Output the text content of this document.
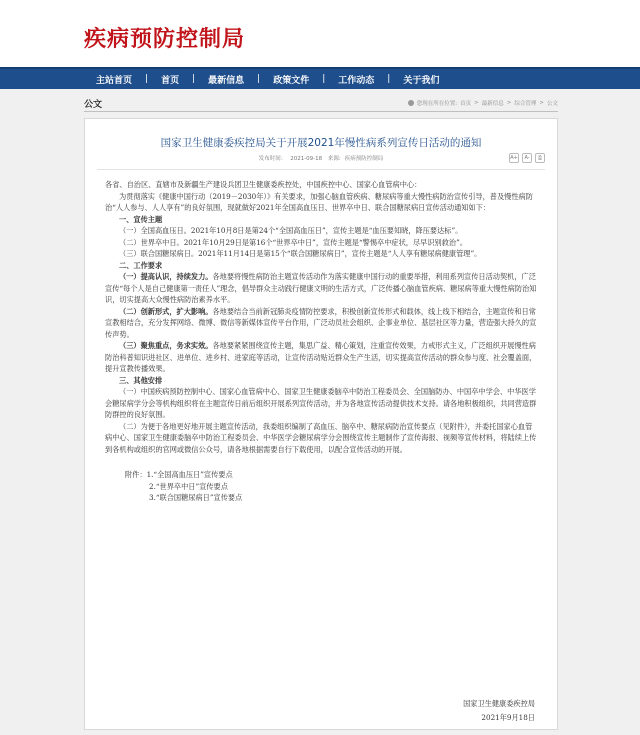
疾病预防控制局
主站首页 | 首页 | 最新信息 | 政策文件 | 工作动态 | 关于我们
公文	您现在所在位置: 首页 > 最新信息 > 综合管理 > 公文
国家卫生健康委疾控局关于开展2021年慢性病系列宣传日活动的通知
发布时间： 2021-09-18 来源: 疾病预防控制局	A+	A-	⎙

各省、自治区、直辖市及新疆生产建设兵团卫生健康委疾控处，中国疾控中心、国家心血管病中心：

为贯彻落实《健康中国行动（2019－2030年）》有关要求，加强心脑血管疾病、糖尿病等重大慢性病防治宣传引导，普及慢性病防治“人人参与、人人享有”的良好氛围，现就做好2021年全国高血压日、世界卒中日、联合国糖尿病日宣传活动通知如下：

一、宣传主题

（一）全国高血压日。2021年10月8日是第24个“全国高血压日”，宣传主题是“血压要知晓，降压要达标”。

（二）世界卒中日。2021年10月29日是第16个“世界卒中日”，宣传主题是“警惕卒中症状，尽早识别救治”。

（三）联合国糖尿病日。2021年11月14日是第15个“联合国糖尿病日”，宣传主题是“人人享有糖尿病健康管理”。

二、工作要求

（一）提高认识，持续发力。各地要将慢性病防治主题宣传活动作为落实健康中国行动的重要举措，利用系列宣传日活动契机，广泛宣传“每个人是自己健康第一责任人”理念，倡导群众主动践行健康文明的生活方式，广泛传播心脑血管疾病、糖尿病等重大慢性病防治知识，切实提高大众慢性病防治素养水平。

（二）创新形式，扩大影响。各地要结合当前新冠肺炎疫情防控要求，积极创新宣传形式和载体，线上线下相结合，主题宣传和日常宣教相结合，充分发挥网络、微博、微信等新媒体宣传平台作用，广泛动员社会组织、企事业单位、基层社区等力量，营造强大持久的宣传声势。

（三）聚焦重点，务求实效。各地要紧紧围绕宣传主题，集思广益、精心策划，注重宣传效果，力戒形式主义，广泛组织开展慢性病防治科普知识进社区、进单位、进乡村、进家庭等活动，让宣传活动贴近群众生产生活，切实提高宣传活动的群众参与度、社会覆盖面，提升宣教传播效果。

三、其他安排

（一）中国疾病预防控制中心、国家心血管病中心、国家卫生健康委脑卒中防治工程委员会、全国脑防办、中国卒中学会、中华医学会糖尿病学分会等机构组织将在主题宣传日前后组织开展系列宣传活动，并为各地宣传活动提供技术支持。请各地积极组织，共同营造群防群控的良好氛围。

（二）为便于各地更好地开展主题宣传活动，我委组织编制了高血压、脑卒中、糖尿病防治宣传要点（见附件），并委托国家心血管病中心、国家卫生健康委脑卒中防治工程委员会、中华医学会糖尿病学分会围绕宣传主题制作了宣传海报、视频等宣传材料，将陆续上传到各机构或组织的官网或微信公众号，请各地根据需要自行下载使用，以配合宣传活动的开展。

附件：1.“全国高血压日”宣传要点

2.“世界卒中日”宣传要点

3.“联合国糖尿病日”宣传要点

国家卫生健康委疾控局

2021年9月18日
